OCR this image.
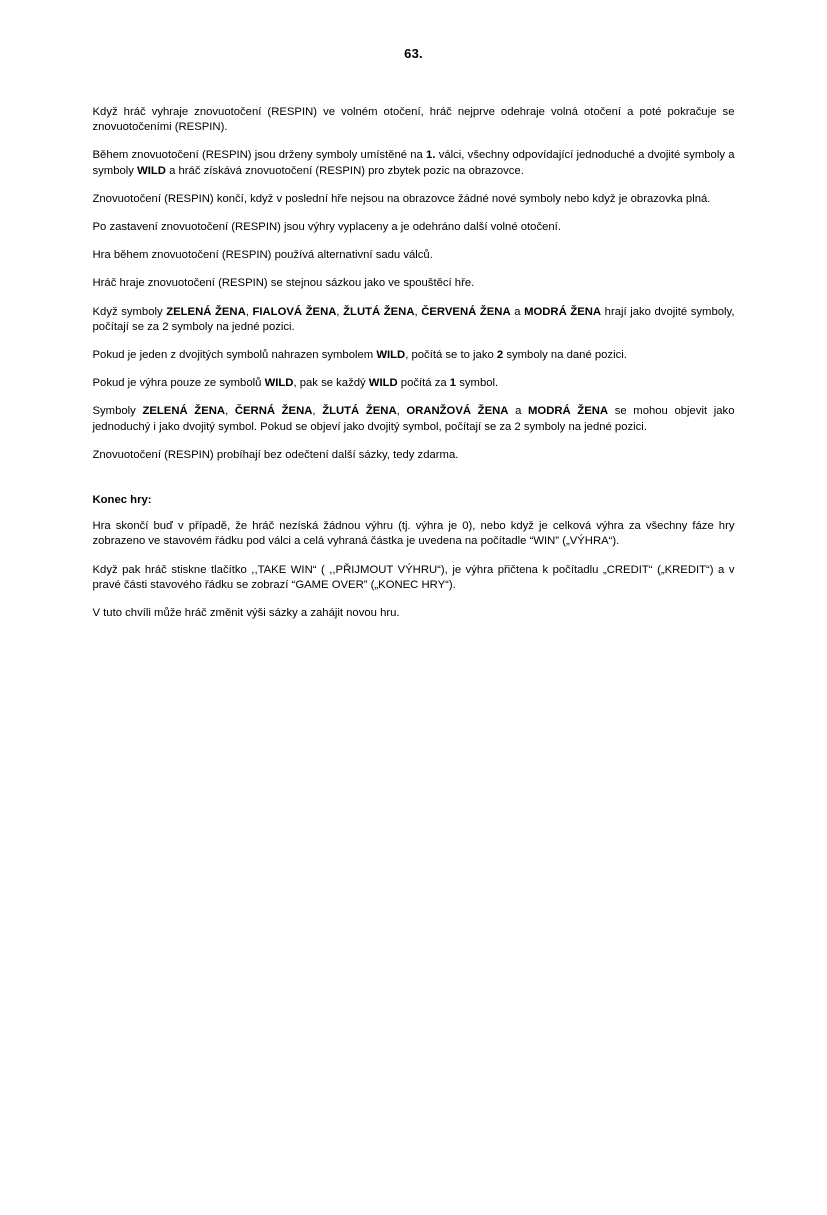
63.

Když hráč vyhraje znovuotočení (RESPIN) ve volném otočení, hráč nejprve odehraje volná otočení a poté pokračuje se znovuotočeními (RESPIN).

Během znovuotočení (RESPIN) jsou drženy symboly umístěné na 1. válci, všechny odpovídající jednoduché a dvojité symboly a symboly WILD a hráč získává znovuotočení (RESPIN) pro zbytek pozic na obrazovce.

Znovuotočení (RESPIN) končí, když v poslední hře nejsou na obrazovce žádné nové symboly nebo když je obrazovka plná.

Po zastavení znovuotočení (RESPIN) jsou výhry vyplaceny a je odehráno další volné otočení.

Hra během znovuotočení (RESPIN) používá alternativní sadu válců.

Hráč hraje znovuotočení (RESPIN) se stejnou sázkou jako ve spouštěcí hře.

Když symboly ZELENÁ ŽENA, FIALOVÁ ŽENA, ŽLUTÁ ŽENA, ČERVENÁ ŽENA a MODRÁ ŽENA hrají jako dvojité symboly, počítají se za 2 symboly na jedné pozici.

Pokud je jeden z dvojitých symbolů nahrazen symbolem WILD, počítá se to jako 2 symboly na dané pozici.

Pokud je výhra pouze ze symbolů WILD, pak se každý WILD počítá za 1 symbol.

Symboly ZELENÁ ŽENA, ČERNÁ ŽENA, ŽLUTÁ ŽENA, ORANŽOVÁ ŽENA a MODRÁ ŽENA se mohou objevit jako jednoduchý i jako dvojitý symbol. Pokud se objeví jako dvojitý symbol, počítají se za 2 symboly na jedné pozici.

Znovuotočení (RESPIN) probíhají bez odečtení další sázky, tedy zdarma.

Konec hry:

Hra skončí buď v případě, že hráč nezíská žádnou výhru (tj. výhra je 0), nebo když je celková výhra za všechny fáze hry zobrazeno ve stavovém řádku pod válci a celá vyhraná částka je uvedena na počítadle “WIN” („VÝHRA“).

Když pak hráč stiskne tlačítko ,,TAKE WIN“ ( ,,PŘIJMOUT VÝHRU“), je výhra přičtena k počítadlu „CREDIT“ („KREDIT“) a v pravé části stavového řádku se zobrazí “GAME OVER” („KONEC HRY“).

V tuto chvíli může hráč změnit výši sázky a zahájit novou hru.
